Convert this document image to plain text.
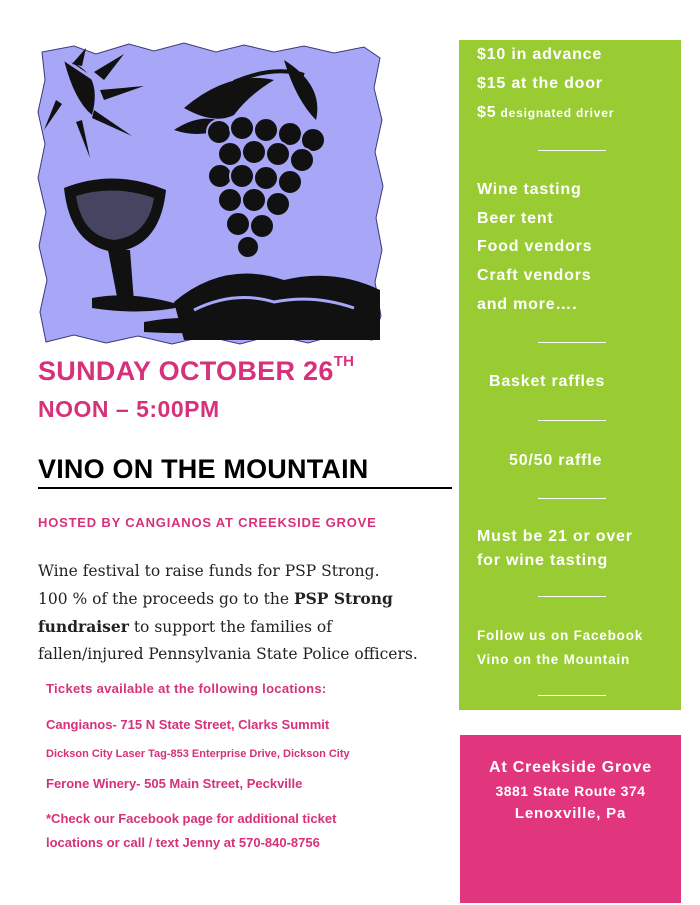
SUNDAY OCTOBER 26TH
NOON – 5:00PM
VINO ON THE MOUNTAIN
HOSTED BY CANGIANOS AT CREEKSIDE GROVE
Wine festival to raise funds for PSP Strong.
100 % of the proceeds go to the PSP Strong
fundraiser to support the families of
fallen/injured Pennsylvania State Police officers.
Tickets available at the following locations:
Cangianos- 715 N State Street, Clarks Summit
Dickson City Laser Tag-853 Enterprise Drive, Dickson City
Ferone Winery- 505 Main Street, Peckville
*Check our Facebook page for additional ticket
locations or call / text Jenny at 570-840-8756
$10 in advance
$15 at the door
$5 designated driver
Wine tasting
Beer tent
Food vendors
Craft vendors
and more….
Basket raffles
50/50 raffle
Must be 21 or over
for wine tasting
Follow us on Facebook
Vino on the Mountain
At Creekside Grove
3881 State Route 374
Lenoxville, Pa
